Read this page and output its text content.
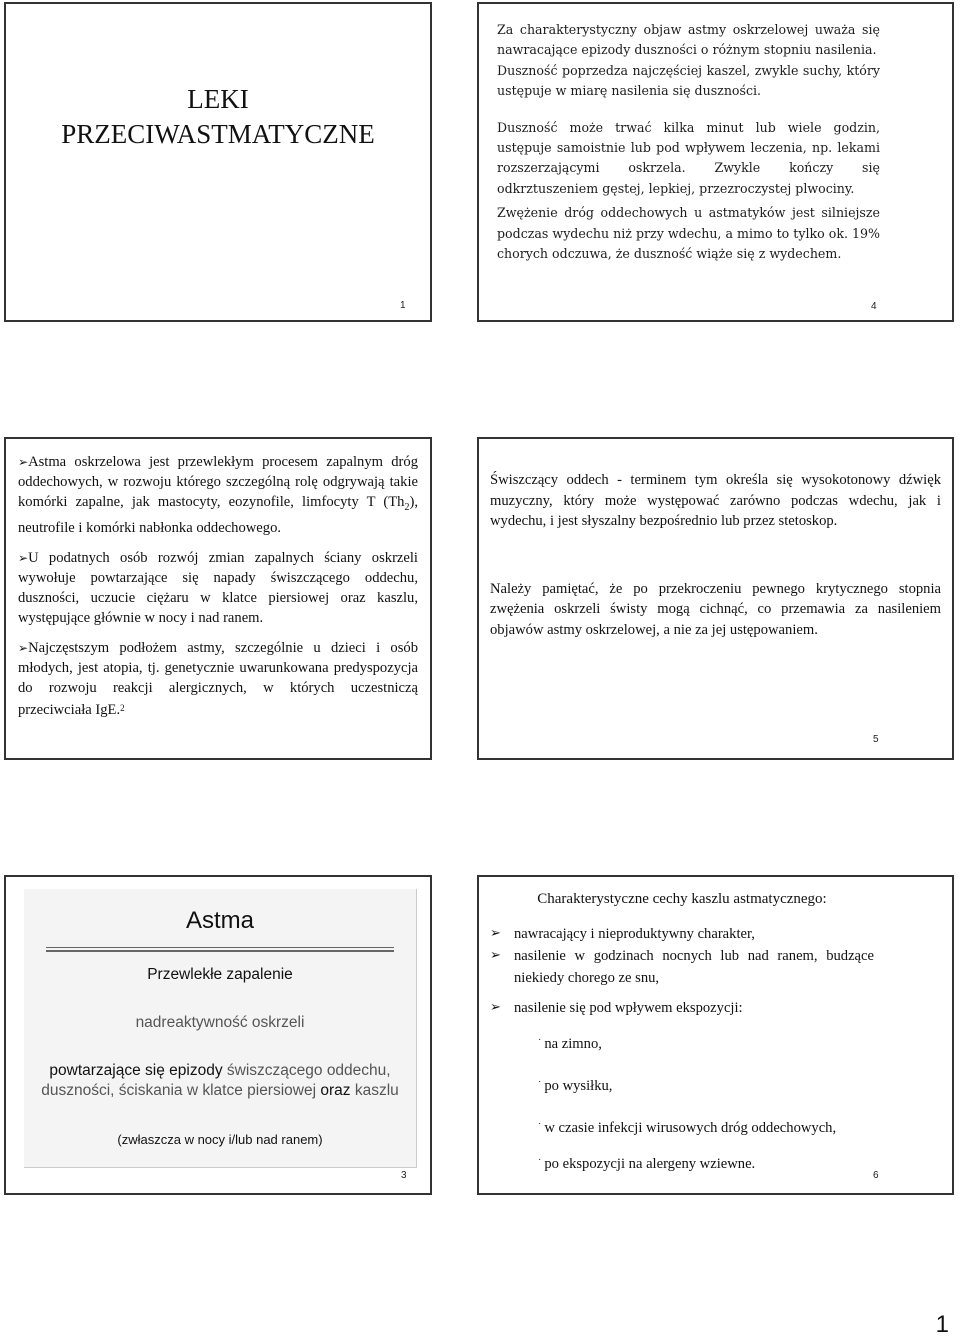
LEKI
PRZECIWASTMATYCZNE
1

Za charakterystyczny objaw astmy oskrzelowej uważa się nawracające epizody duszności o różnym stopniu nasilenia.

Duszność poprzedza najczęściej kaszel, zwykle suchy, który ustępuje w miarę nasilenia się duszności.

Duszność może trwać kilka minut lub wiele godzin, ustępuje samoistnie lub pod wpływem leczenia, np. lekami rozszerzającymi oskrzela. Zwykle kończy się odkrztuszeniem gęstej, lepkiej, przezroczystej plwociny.

Zwężenie dróg oddechowych u astmatyków jest silniejsze podczas wydechu niż przy wdechu, a mimo to tylko ok. 19% chorych odczuwa, że duszność wiąże się z wydechem.

4

➢Astma oskrzelowa jest przewlekłym procesem zapalnym dróg oddechowych, w rozwoju którego szczególną rolę odgrywają takie komórki zapalne, jak mastocyty, eozynofile, limfocyty T $(Th_2)$, neutrofile i komórki nabłonka oddechowego.

➢U podatnych osób rozwój zmian zapalnych ściany oskrzeli wywołuje powtarzające się napady świszczącego oddechu, duszności, uczucie ciężaru w klatce piersiowej oraz kaszlu, występujące głównie w nocy i nad ranem.

➢Najczęstszym podłożem astmy, szczególnie u dzieci i osób młodych, jest atopia, tj. genetycznie uwarunkowana predyspozycja do rozwoju reakcji alergicznych, w których uczestniczą przeciwciała IgE.$^2$

Świszczący oddech - terminem tym określa się wysokotonowy dźwięk muzyczny, który może występować zarówno podczas wdechu, jak i wydechu, i jest słyszalny bezpośrednio lub przez stetoskop.

Należy pamiętać, że po przekroczeniu pewnego krytycznego stopnia zwężenia oskrzeli świsty mogą cichnąć, co przemawia za nasileniem objawów astmy oskrzelowej, a nie za jej ustępowaniem.

5
Astma
Przewlekłe zapalenie
nadreaktywność oskrzeli
powtarzające się epizody świszczącego oddechu, duszności, ściskania w klatce piersiowej oraz kaszlu
(zwłaszcza w nocy i/lub nad ranem)
3

Charakterystyczne cechy kaszlu astmatycznego:

➢ nawracający i nieproduktywny charakter,
➢ nasilenie w godzinach nocnych lub nad ranem, budzące niekiedy chorego ze snu,
➢ nasilenie się pod wpływem ekspozycji:
˙ na zimno,
˙ po wysiłku,
˙ w czasie infekcji wirusowych dróg oddechowych,
˙ po ekspozycji na alergeny wziewne.
6
1
